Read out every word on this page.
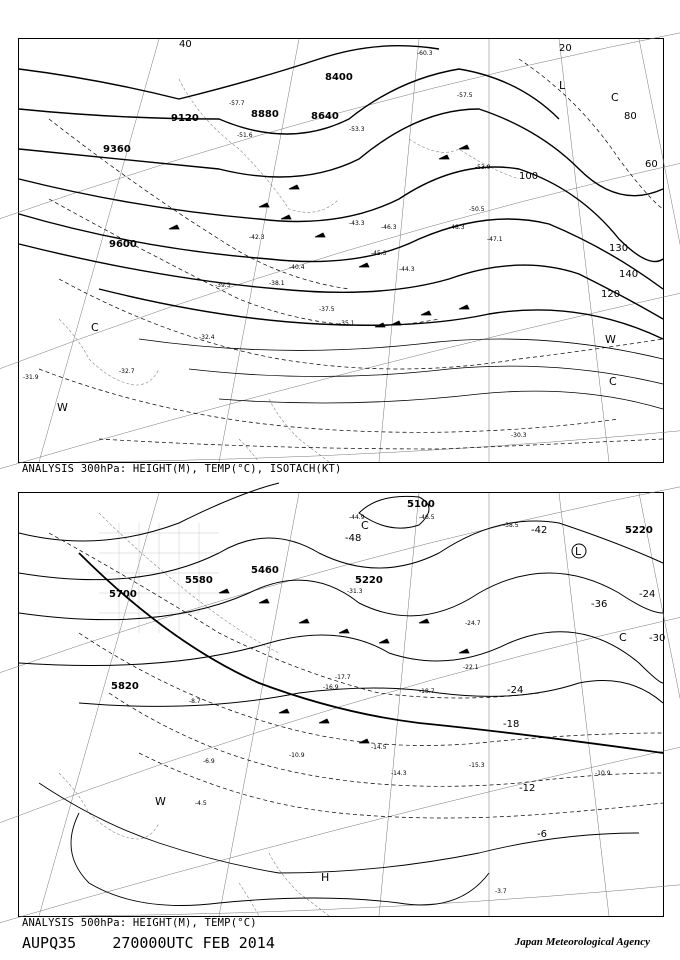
8400
8880
9120
9360
9600
8640
20
40
60
80
100
120
130
140
L
C
C
W
C
W
-30.3
-31.9
-32.7
-32.4
-35.1
-37.5
-38.1
-39.3
-40.4
-42.3
-43.3
-44.3
-45.3
-46.3
-47.1
-48.3
-50.5
-51.6
-53.3
-53.9
-57.5
-57.7
-60.3
ANALYSIS 300hPa: HEIGHT(M), TEMP(°C), ISOTACH(KT)
5100
5220
5220
5460
5580
5700
5820
-48
-42
-36
-30
-24
-24
-18
-12
-6
C
L
C
W
H
-44.9	-46.5
-38.5
-31.3
-24.7
-22.1
-18.7
-17.7
-16.9
-15.3
-14.5
-14.3
-10.9
-10.9
-8.7
-6.9
-4.5
-3.7
ANALYSIS 500hPa: HEIGHT(M), TEMP(°C)
AUPQ35 270000UTC FEB 2014	Japan Meteorological Agency
